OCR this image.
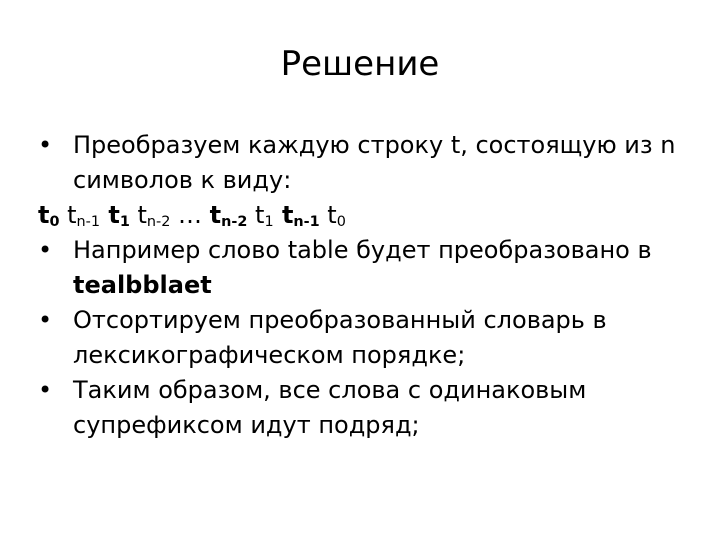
Решение
• Преобразуем каждую строку t, состоящую из n символов к виду:
$t_0$ $t_{n-1}$ $t_1$ $t_{n-2}$ … $t_{n-2}$ $t_1$ $t_{n-1}$ $t_0$
• Например слово table будет преобразовано в tealbblaet
• Отсортируем преобразованный словарь в лексикографическом порядке;
• Таким образом, все слова с одинаковым супрефиксом идут подряд;
